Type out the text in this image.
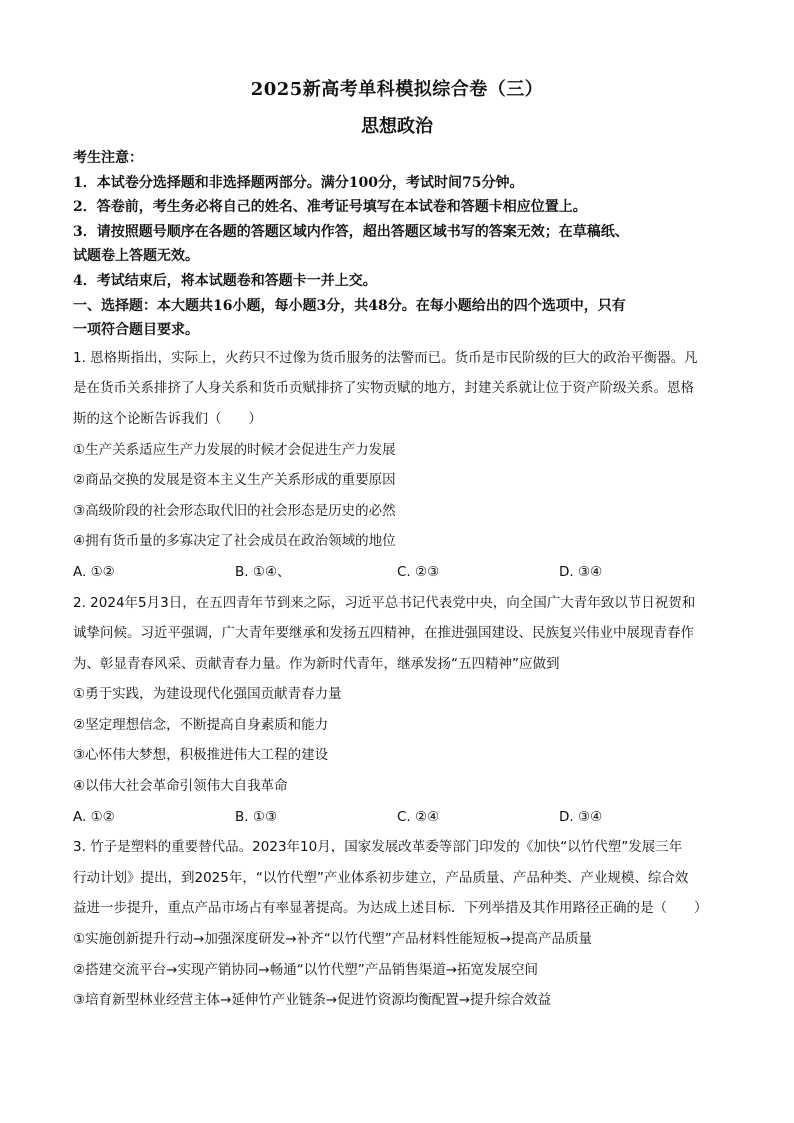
2025新高考单科模拟综合卷（三）
思想政治
考生注意：
1．本试卷分选择题和非选择题两部分。满分100分，考试时间75分钟。
2．答卷前，考生务必将自己的姓名、准考证号填写在本试卷和答题卡相应位置上。
3．请按照题号顺序在各题的答题区域内作答，超出答题区域书写的答案无效；在草稿纸、
试题卷上答题无效。
4．考试结束后，将本试题卷和答题卡一并上交。
一、选择题：本大题共16小题，每小题3分，共48分。在每小题给出的四个选项中，只有
一项符合题目要求。
1. 恩格斯指出，实际上，火药只不过像为货币服务的法警而已。货币是市民阶级的巨大的政治平衡器。凡
是在货币关系排挤了人身关系和货币贡赋排挤了实物贡赋的地方，封建关系就让位于资产阶级关系。恩格
斯的这个论断告诉我们（　　）
①生产关系适应生产力发展的时候才会促进生产力发展
②商品交换的发展是资本主义生产关系形成的重要原因
③高级阶段的社会形态取代旧的社会形态是历史的必然
④拥有货币量的多寡决定了社会成员在政治领域的地位
A. ①②	B. ①④、	C. ②③	D. ③④
2. 2024年5月3日，在五四青年节到来之际，习近平总书记代表党中央，向全国广大青年致以节日祝贺和
诚挚问候。习近平强调，广大青年要继承和发扬五四精神，在推进强国建设、民族复兴伟业中展现青春作
为、彰显青春风采、贡献青春力量。作为新时代青年，继承发扬“五四精神”应做到
①勇于实践，为建设现代化强国贡献青春力量
②坚定理想信念，不断提高自身素质和能力
③心怀伟大梦想，积极推进伟大工程的建设
④以伟大社会革命引领伟大自我革命
A. ①②	B. ①③	C. ②④	D. ③④
3. 竹子是塑料的重要替代品。2023年10月，国家发展改革委等部门印发的《加快“以竹代塑”发展三年
行动计划》提出，到2025年，“以竹代塑”产业体系初步建立，产品质量、产品种类、产业规模、综合效
益进一步提升，重点产品市场占有率显著提高。为达成上述目标．下列举措及其作用路径正确的是（　　）
①实施创新提升行动→加强深度研发→补齐“以竹代塑”产品材料性能短板→提高产品质量
②搭建交流平台→实现产销协同→畅通“以竹代塑”产品销售渠道→拓宽发展空间
③培育新型林业经营主体→延伸竹产业链条→促进竹资源均衡配置→提升综合效益
